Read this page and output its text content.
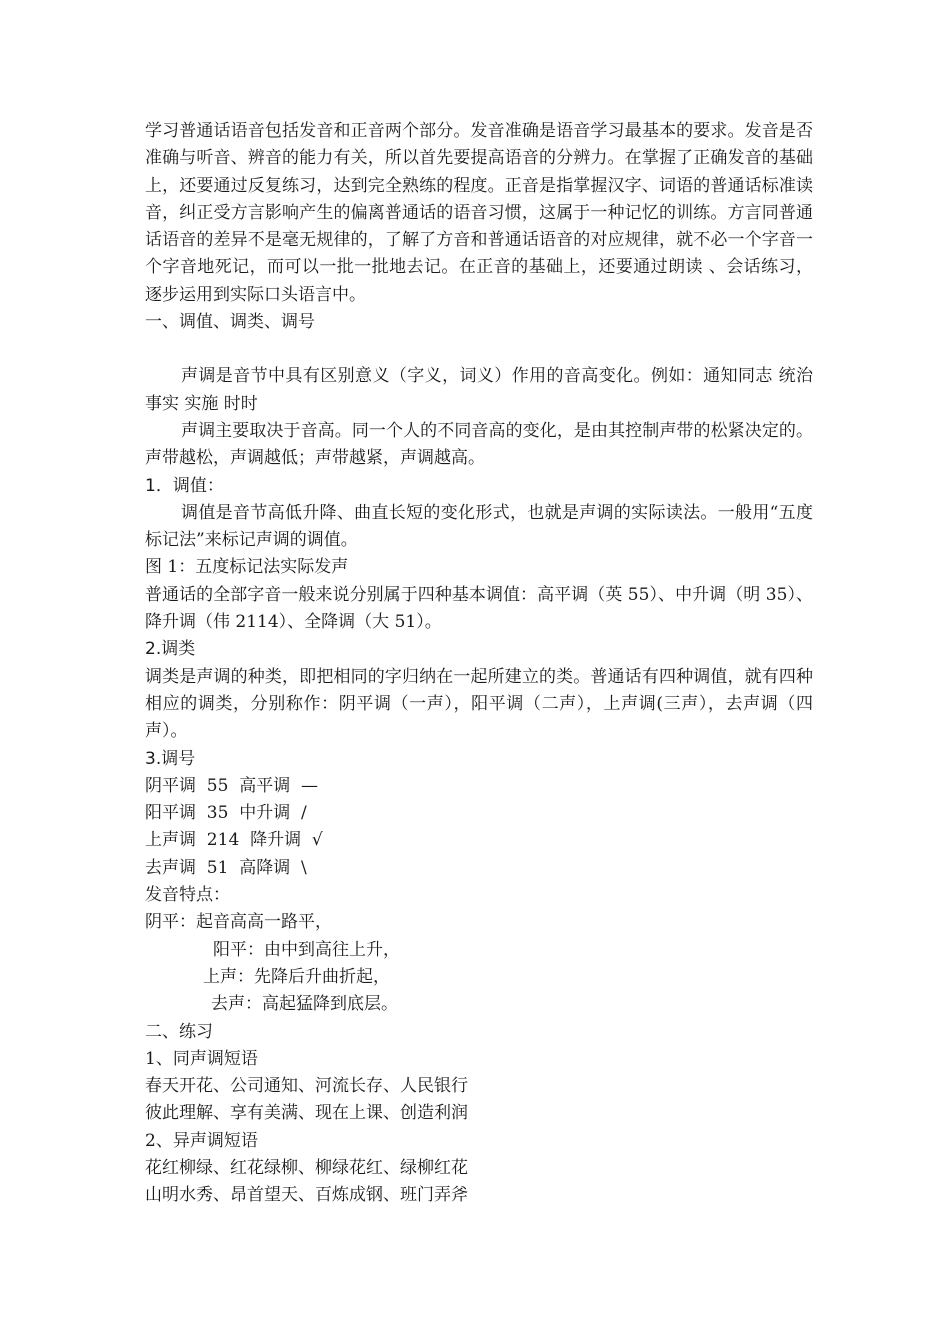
学习普通话语音包括发音和正音两个部分。发音准确是语音学习最基本的要求。发音是否准确与听音、辨音的能力有关，所以首先要提高语音的分辨力。在掌握了正确发音的基础上，还要通过反复练习，达到完全熟练的程度。正音是指掌握汉字、词语的普通话标准读音，纠正受方言影响产生的偏离普通话的语音习惯，这属于一种记忆的训练。方言同普通话语音的差异不是毫无规律的，了解了方音和普通话语音的对应规律，就不必一个字音一个字音地死记，而可以一批一批地去记。在正音的基础上，还要通过朗读 、会话练习，逐步运用到实际口头语言中。

一、调值、调类、调号

声调是音节中具有区别意义（字义，词义）作用的音高变化。例如：通知同志 统治 事实 实施 时时

声调主要取决于音高。同一个人的不同音高的变化，是由其控制声带的松紧决定的。声带越松，声调越低；声带越紧，声调越高。

1．调值：

调值是音节高低升降、曲直长短的变化形式，也就是声调的实际读法。一般用“五度标记法”来标记声调的调值。

图 1：五度标记法实际发声

普通话的全部字音一般来说分别属于四种基本调值：高平调（英 55）、中升调（明 35）、降升调（伟 2114）、全降调（大 51）。

2.调类

调类是声调的种类，即把相同的字归纳在一起所建立的类。普通话有四种调值，就有四种相应的调类，分别称作：阴平调（一声），阳平调（二声），上声调(三声），去声调（四声）。

3.调号

阴平调  55  高平调  —

阳平调  35  中升调  /

上声调  214  降升调  √

去声调  51  高降调  \

发音特点：

阴平：起音高高一路平，

阳平：由中到高往上升，

上声：先降后升曲折起，

去声：高起猛降到底层。

二、练习

1、同声调短语

春天开花、公司通知、河流长存、人民银行

彼此理解、享有美满、现在上课、创造利润

2、异声调短语

花红柳绿、红花绿柳、柳绿花红、绿柳红花

山明水秀、昂首望天、百炼成钢、班门弄斧
